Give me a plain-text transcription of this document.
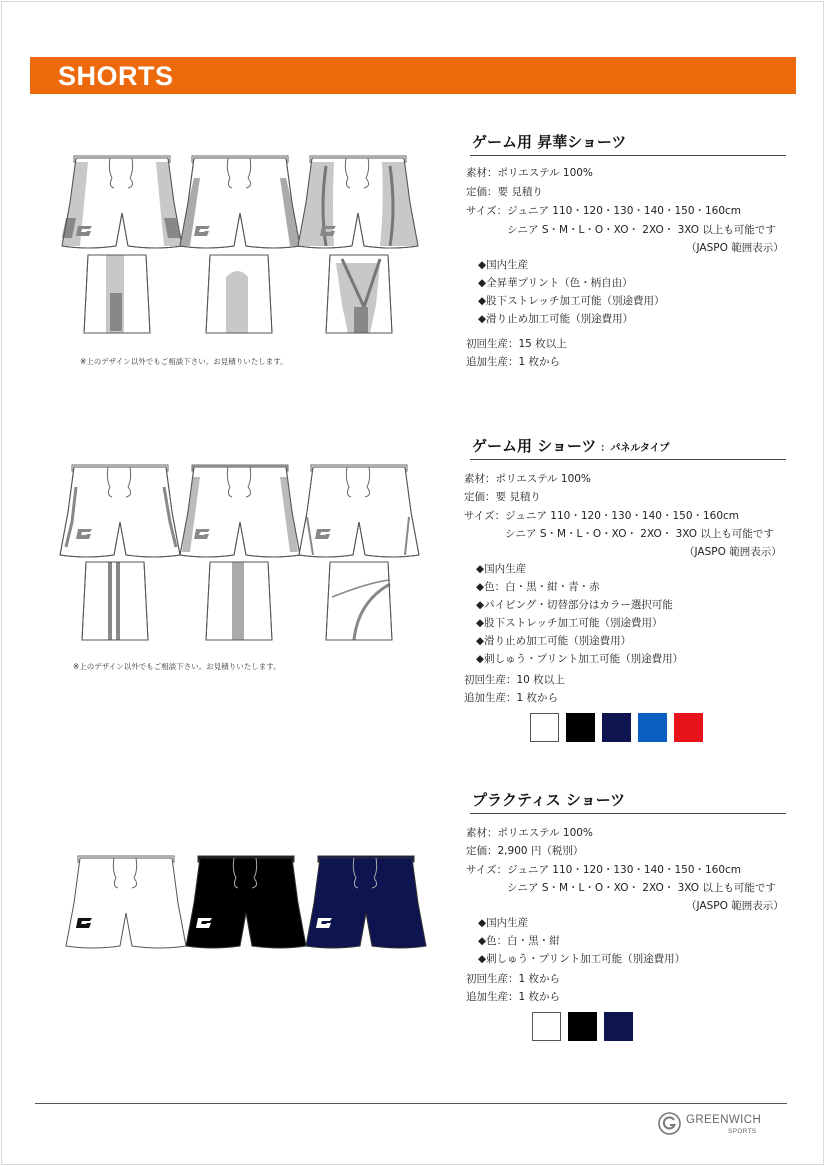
SHORTS
ゲーム用 昇華ショーツ
素材：ポリエステル 100%
定価：要 見積り
サイズ：ジュニア 110・120・130・140・150・160cm
シニア S・M・L・O・XO・ 2XO・ 3XO 以上も可能です
（JASPO 範囲表示）
◆国内生産
◆全昇華プリント（色・柄自由）
◆股下ストレッチ加工可能（別途費用）
◆滑り止め加工可能（別途費用）
初回生産：15 枚以上
追加生産：1 枚から
※上のデザイン以外でもご相談下さい。お見積りいたします。
ゲーム用 ショーツ ：パネルタイプ
素材：ポリエステル 100%
定価：要 見積り
サイズ：ジュニア 110・120・130・140・150・160cm
シニア S・M・L・O・XO・ 2XO・ 3XO 以上も可能です
（JASPO 範囲表示）
◆国内生産
◆色：白・黒・紺・青・赤
◆パイピング・切替部分はカラー選択可能
◆股下ストレッチ加工可能（別途費用）
◆滑り止め加工可能（別途費用）
◆刺しゅう・プリント加工可能（別途費用）
初回生産：10 枚以上
追加生産：1 枚から
※上のデザイン以外でもご相談下さい。お見積りいたします。
プラクティス ショーツ
素材：ポリエステル 100%
定価：2,900 円（税別）
サイズ：ジュニア 110・120・130・140・150・160cm
シニア S・M・L・O・XO・ 2XO・ 3XO 以上も可能です
（JASPO 範囲表示）
◆国内生産
◆色：白・黒・紺
◆刺しゅう・プリント加工可能（別途費用）
初回生産：1 枚から
追加生産：1 枚から
GREENWICH
SPORTS
